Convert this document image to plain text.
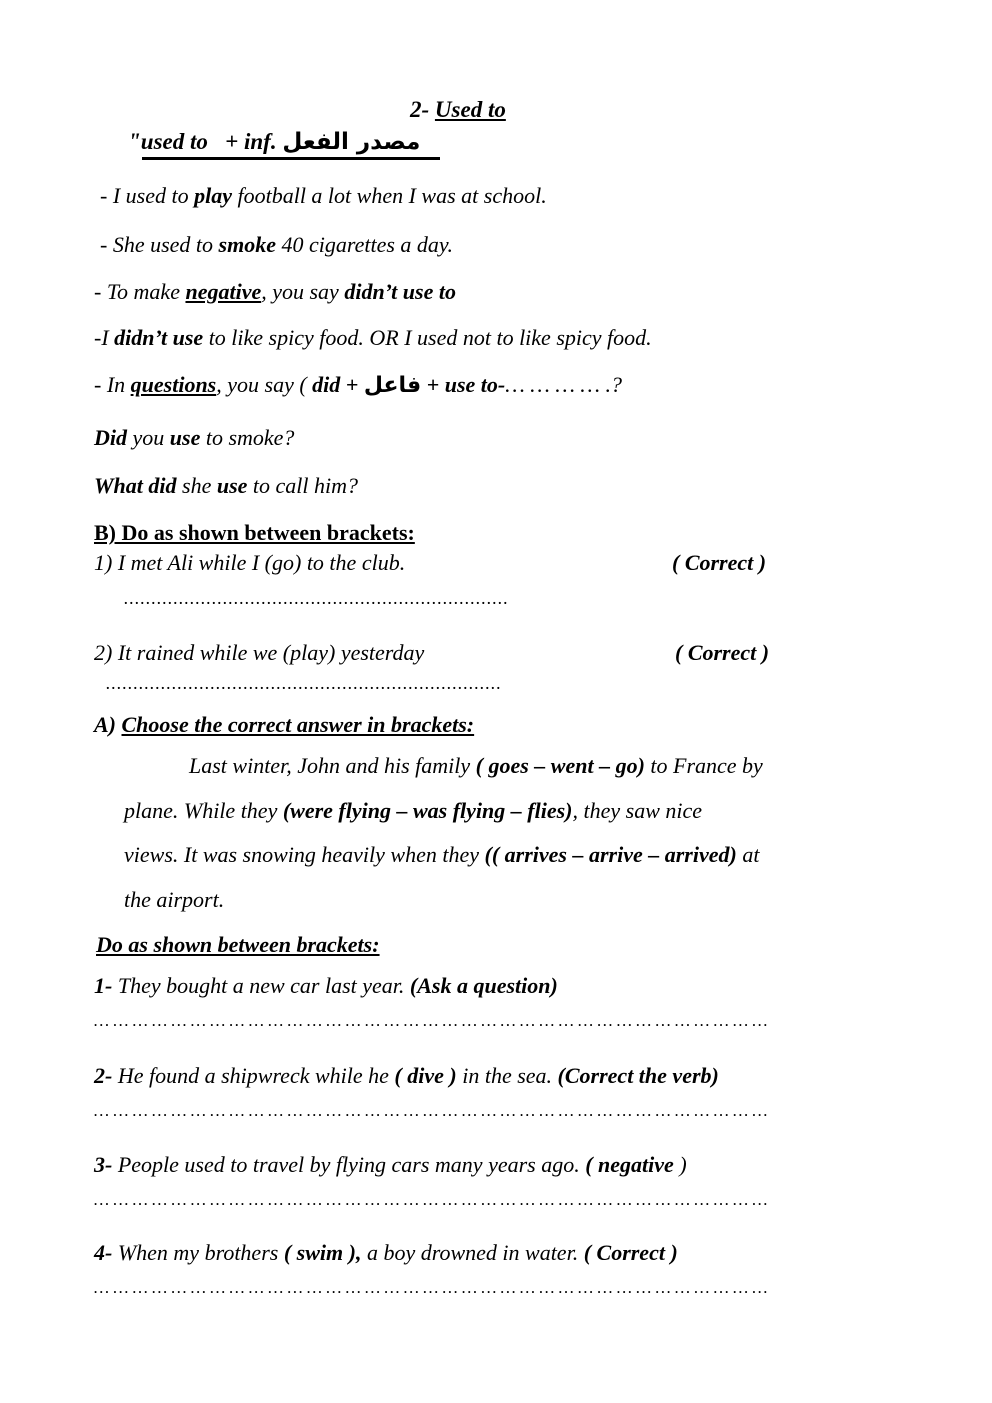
2- Used to
"used to + inf. مصدر الفعل
- I used to play football a lot when I was at school.
- She used to smoke 40 cigarettes a day.
- To make negative, you say didn’t use to
-I didn’t use to like spicy food. OR I used not to like spicy food.
- In questions, you say ( did + فاعل + use to-… … … … .?
Did you use to smoke?
What did she use to call him?
B) Do as shown between brackets:
1) I met Ali while I (go) to the club.	( Correct )
......................................................................
2) It rained while we (play) yesterday	( Correct )
........................................................................
A) Choose the correct answer in brackets:
Last winter, John and his family ( goes – went – go) to France by
plane. While they (were flying – was flying – flies), they saw nice
views. It was snowing heavily when they (( arrives – arrive – arrived) at
the airport.
Do as shown between brackets:
1- They bought a new car last year. (Ask a question)
… … … … … … … … … … … … … … … … … … … … … … … … … … … … … … … … … … …
2- He found a shipwreck while he ( dive ) in the sea. (Correct the verb)
… … … … … … … … … … … … … … … … … … … … … … … … … … … … … … … … … … …
3- People used to travel by flying cars many years ago. ( negative )
… … … … … … … … … … … … … … … … … … … … … … … … … … … … … … … … … … …
4- When my brothers ( swim ), a boy drowned in water. ( Correct )
… … … … … … … … … … … … … … … … … … … … … … … … … … … … … … … … … … …
